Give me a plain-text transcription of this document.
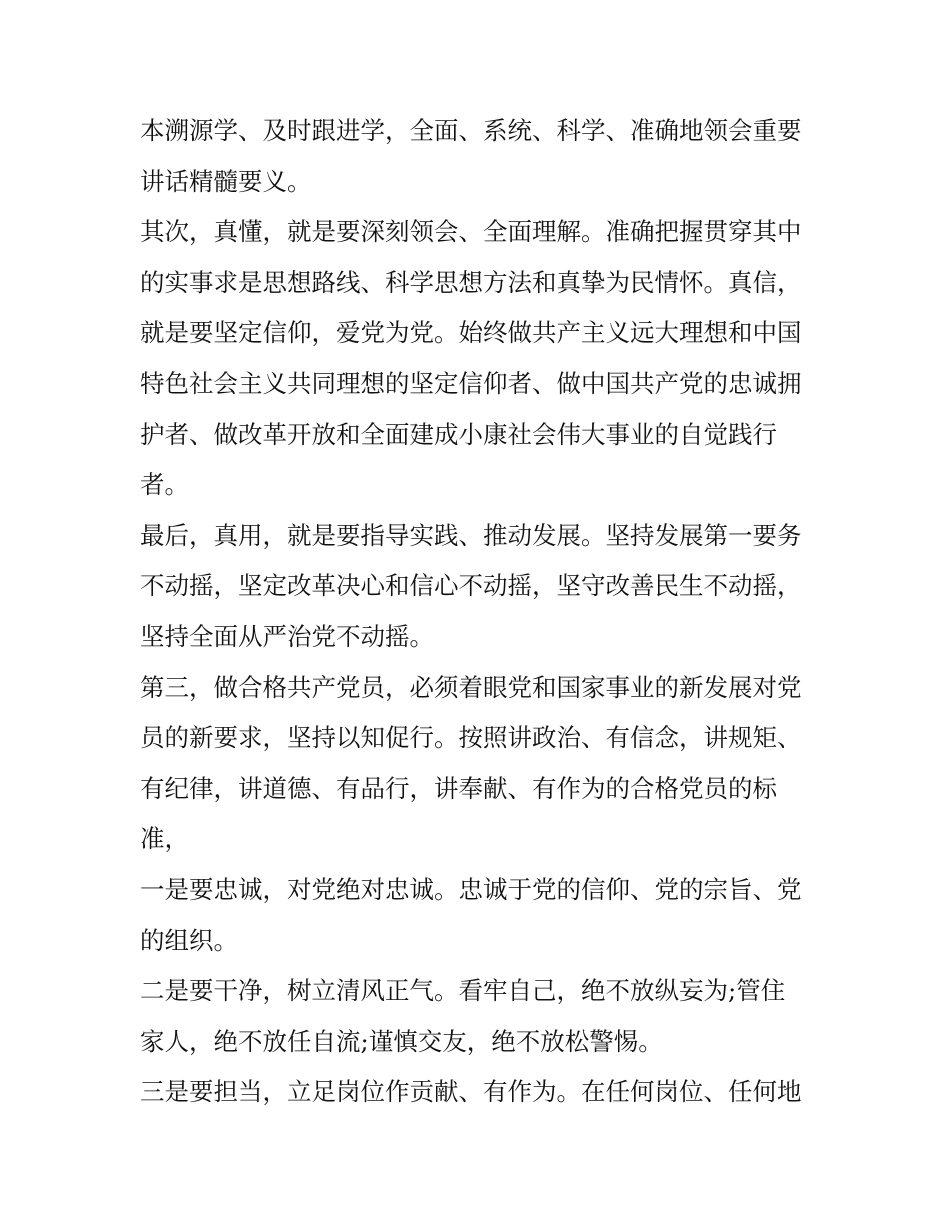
本溯源学、及时跟进学，全面、系统、科学、准确地领会重要
讲话精髓要义。
其次，真懂，就是要深刻领会、全面理解。准确把握贯穿其中
的实事求是思想路线、科学思想方法和真挚为民情怀。真信，
就是要坚定信仰，爱党为党。始终做共产主义远大理想和中国
特色社会主义共同理想的坚定信仰者、做中国共产党的忠诚拥
护者、做改革开放和全面建成小康社会伟大事业的自觉践行
者。
最后，真用，就是要指导实践、推动发展。坚持发展第一要务
不动摇，坚定改革决心和信心不动摇，坚守改善民生不动摇，
坚持全面从严治党不动摇。
第三，做合格共产党员，必须着眼党和国家事业的新发展对党
员的新要求，坚持以知促行。按照讲政治、有信念，讲规矩、
有纪律，讲道德、有品行，讲奉献、有作为的合格党员的标
准，
一是要忠诚，对党绝对忠诚。忠诚于党的信仰、党的宗旨、党
的组织。
二是要干净，树立清风正气。看牢自己，绝不放纵妄为;管住
家人，绝不放任自流;谨慎交友，绝不放松警惕。
三是要担当，立足岗位作贡献、有作为。在任何岗位、任何地
